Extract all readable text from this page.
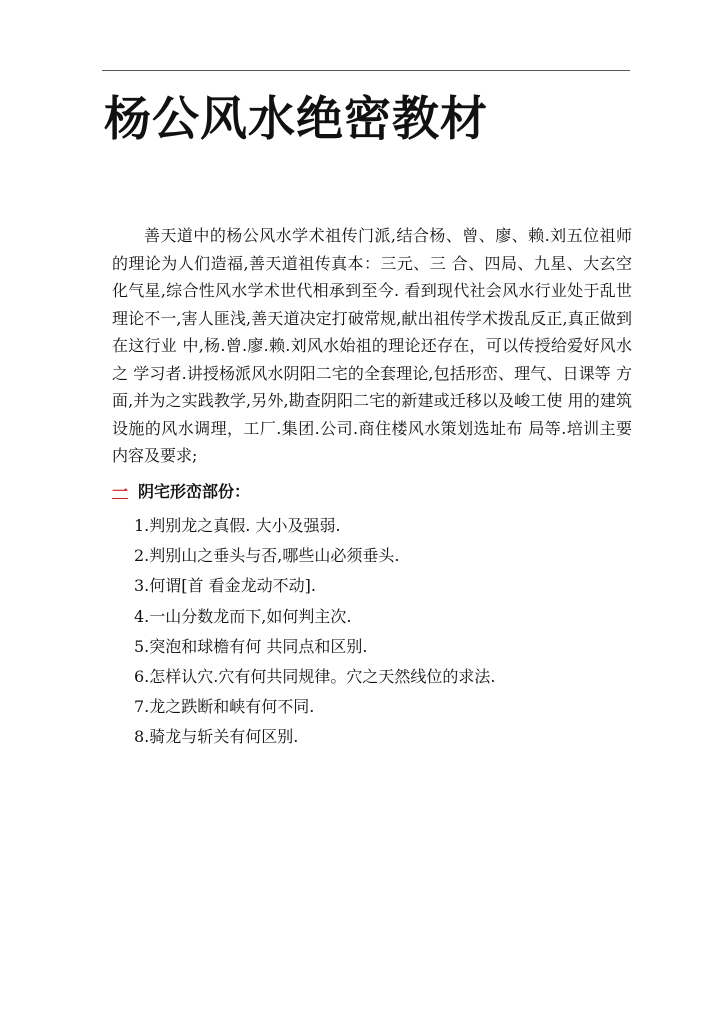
杨公风水绝密教材

善天道中的杨公风水学术祖传门派,结合杨、曾、廖、赖.刘五位祖师的理论为人们造福,善天道祖传真本：三元、三 合、四局、九星、大玄空化气星,综合性风水学术世代相承到至今. 看到现代社会风水行业处于乱世理论不一,害人匪浅,善天道决定打破常规,献出祖传学术拨乱反正,真正做到在这行业 中,杨.曾.廖.赖.刘风水始祖的理论还存在，可以传授给爱好风水之 学习者.讲授杨派风水阴阳二宅的全套理论,包括形峦、理气、日课等 方面,并为之实践教学,另外,勘查阴阳二宅的新建或迁移以及峻工使 用的建筑设施的风水调理，工厂.集团.公司.商住楼风水策划选址布 局等.培训主要内容及要求;

一 阴宅形峦部份：
1.判别龙之真假. 大小及强弱.
2.判别山之垂头与否,哪些山必须垂头.
3.何谓[首 看金龙动不动].
4.一山分数龙而下,如何判主次.
5.突泡和球檐有何 共同点和区别.
6.怎样认穴.穴有何共同规律。穴之天然线位的求法.
7.龙之跌断和峡有何不同.
8.骑龙与斩关有何区别.
